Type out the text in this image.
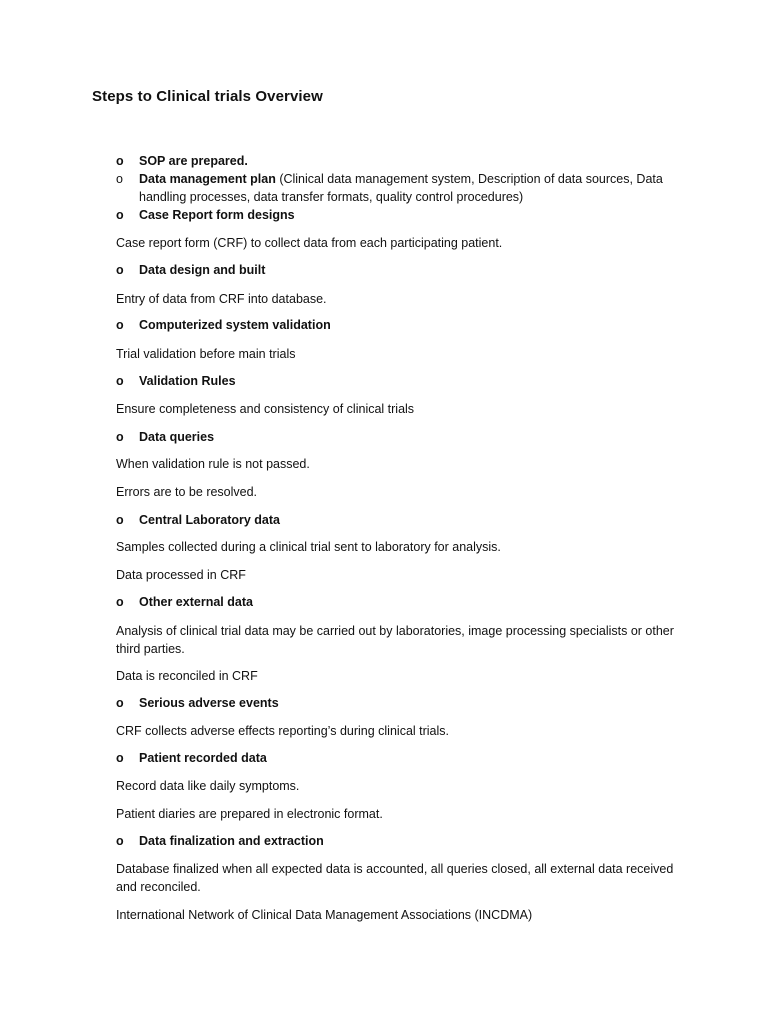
Steps to Clinical trials Overview
o	SOP are prepared.
o	Data management plan (Clinical data management system, Description of data sources, Data handling processes, data transfer formats, quality control procedures)
o	Case Report form designs
Case report form (CRF) to collect data from each participating patient.
o	Data design and built
Entry of data from CRF into database.
o	Computerized system validation
Trial validation before main trials
o	Validation Rules
Ensure completeness and consistency of clinical trials
o	Data queries
When validation rule is not passed.
Errors are to be resolved.
o	Central Laboratory data
Samples collected during a clinical trial sent to laboratory for analysis.
Data processed in CRF
o	Other external data
Analysis of clinical trial data may be carried out by laboratories, image processing specialists or other third parties.
Data is reconciled in CRF
o	Serious adverse events
CRF collects adverse effects reporting’s during clinical trials.
o	Patient recorded data
Record data like daily symptoms.
Patient diaries are prepared in electronic format.
o	Data finalization and extraction
Database finalized when all expected data is accounted, all queries closed, all external data received and reconciled.
International Network of Clinical Data Management Associations (INCDMA)
